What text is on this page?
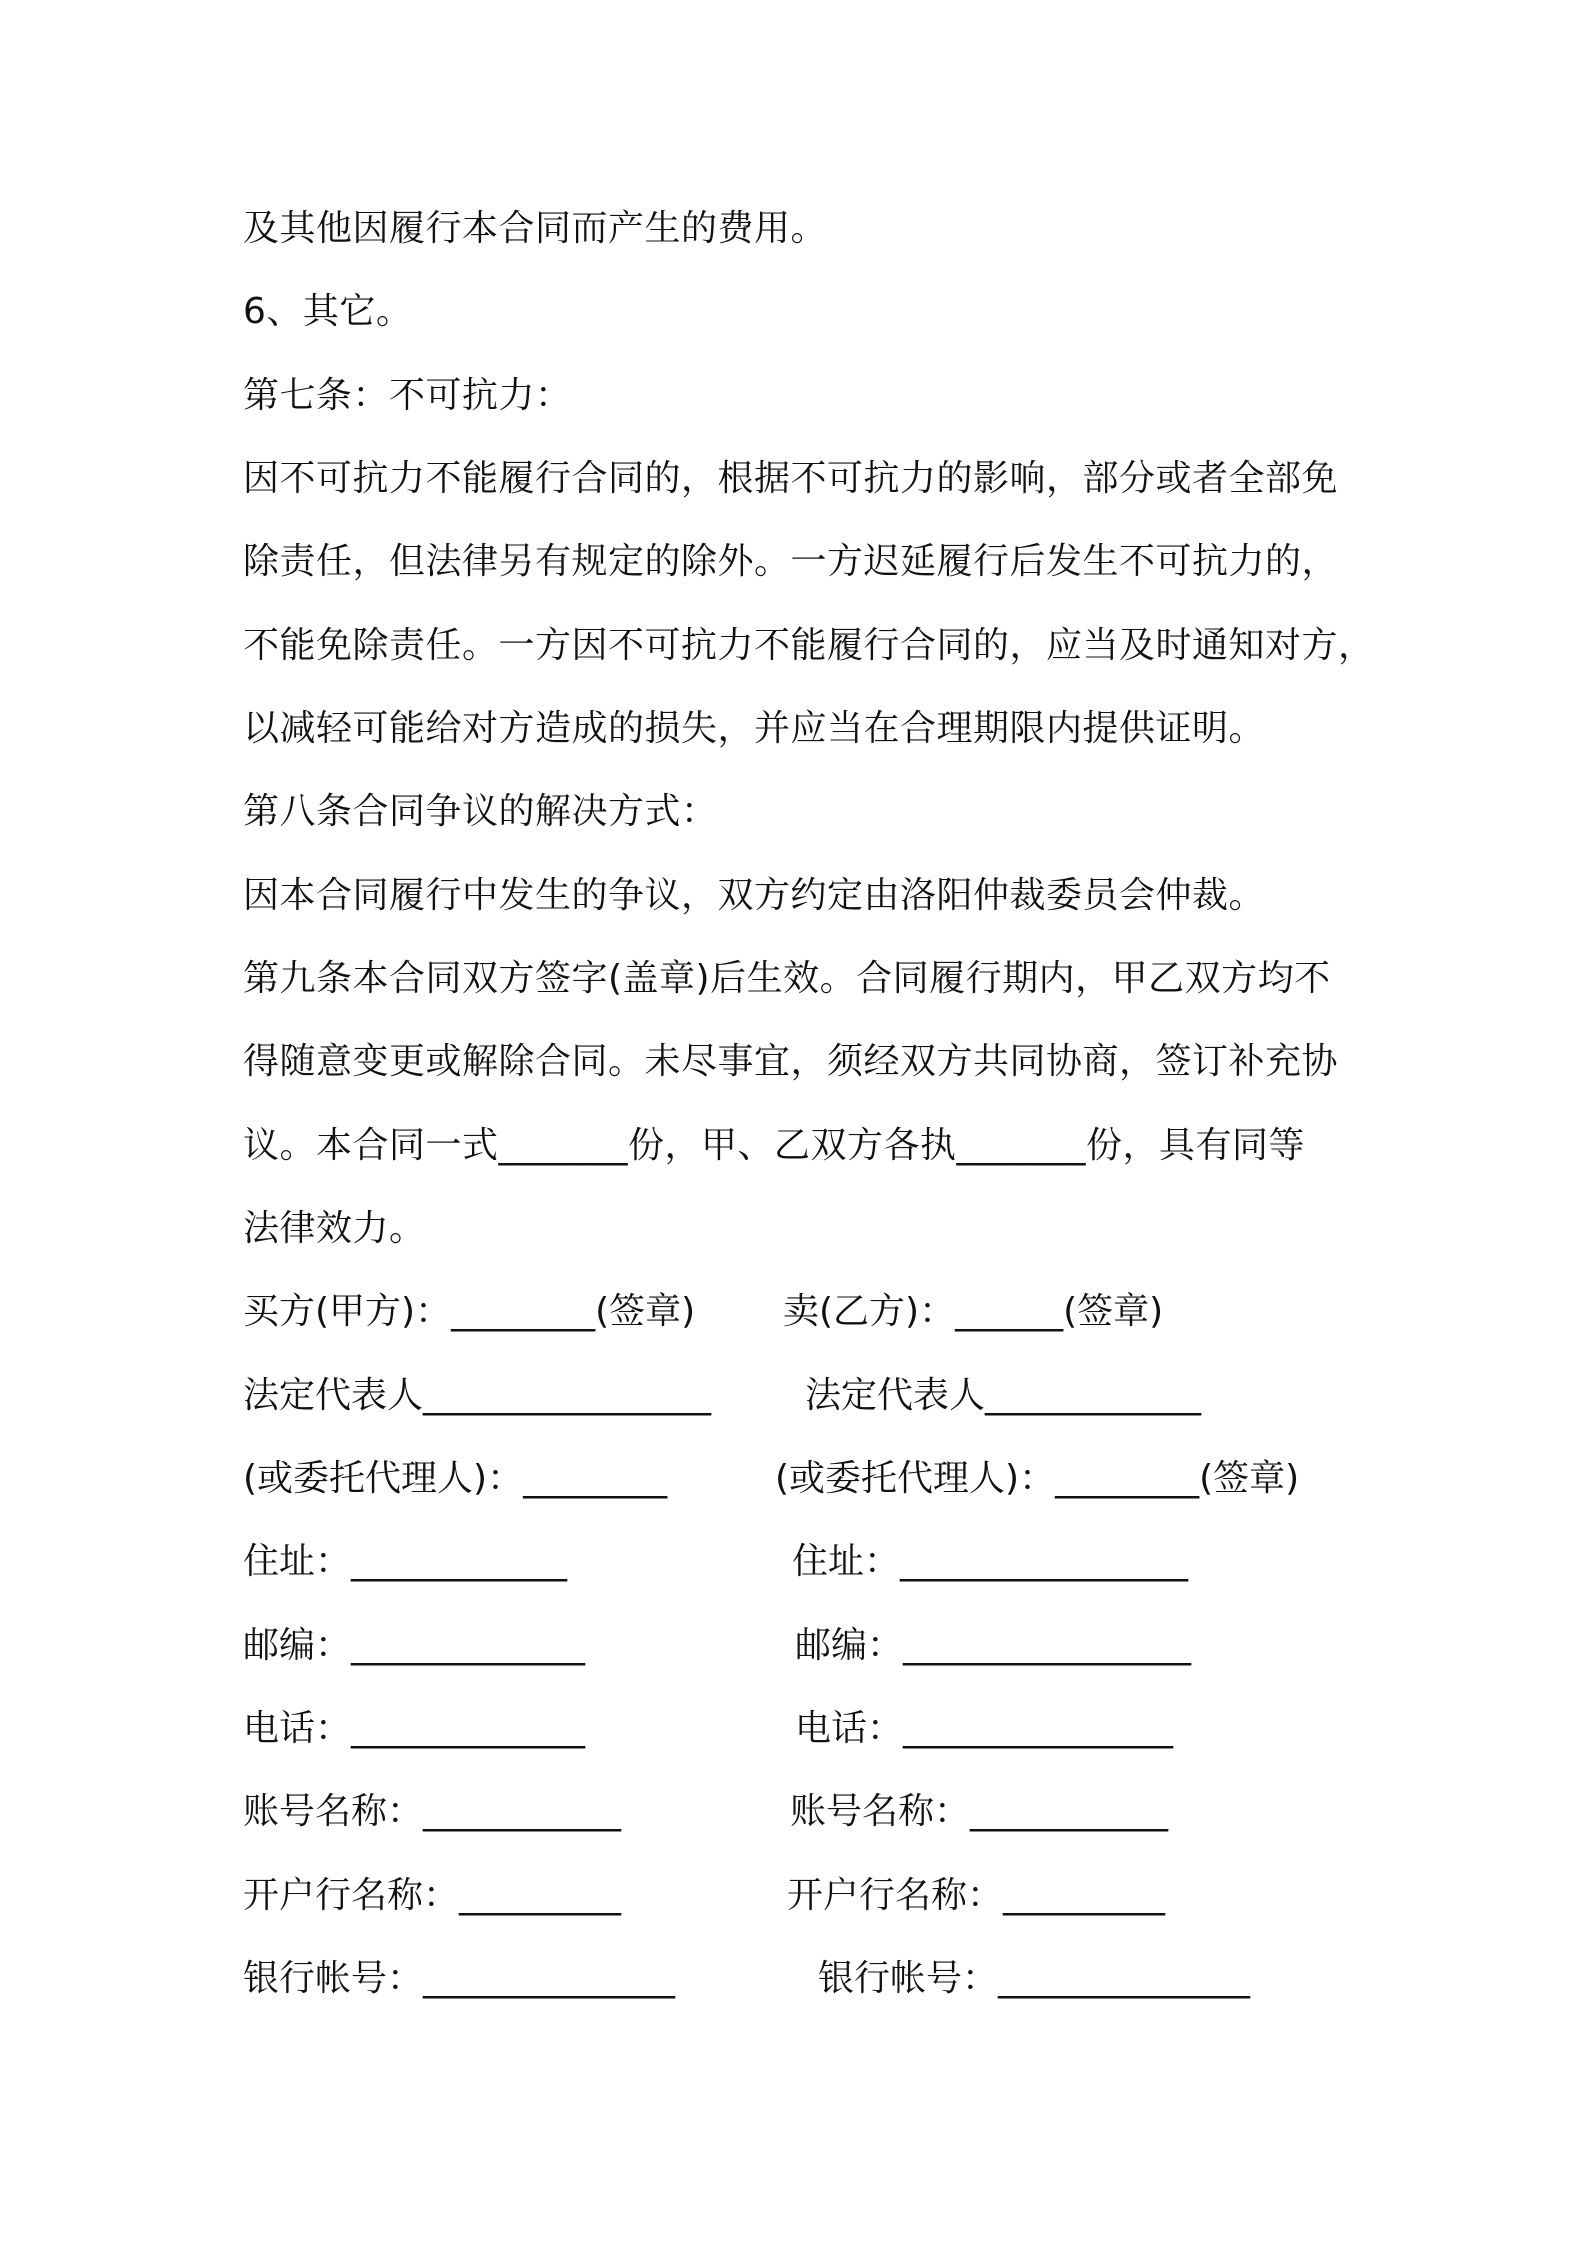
及其他因履行本合同而产生的费用。
6、其它。
第七条：不可抗力：
因不可抗力不能履行合同的，根据不可抗力的影响，部分或者全部免
除责任，但法律另有规定的除外。一方迟延履行后发生不可抗力的，
不能免除责任。一方因不可抗力不能履行合同的，应当及时通知对方，
以减轻可能给对方造成的损失，并应当在合理期限内提供证明。
第八条合同争议的解决方式：
因本合同履行中发生的争议，双方约定由洛阳仲裁委员会仲裁。
第九条本合同双方签字(盖章)后生效。合同履行期内，甲乙双方均不
得随意变更或解除合同。未尽事宜，须经双方共同协商，签订补充协
议。本合同一式_______份，甲、乙双方各执_______份，具有同等
法律效力。
买方(甲方)：________(签章) 卖(乙方)：______(签章)
法定代表人________________	法定代表人____________
(或委托代理人)：________	(或委托代理人)：________(签章)
住址：____________	住址：________________
邮编：_____________	邮编：________________
电话：_____________	电话：_______________
账号名称：___________	账号名称：___________
开户行名称：_________	开户行名称：_________
银行帐号：______________	银行帐号：______________
